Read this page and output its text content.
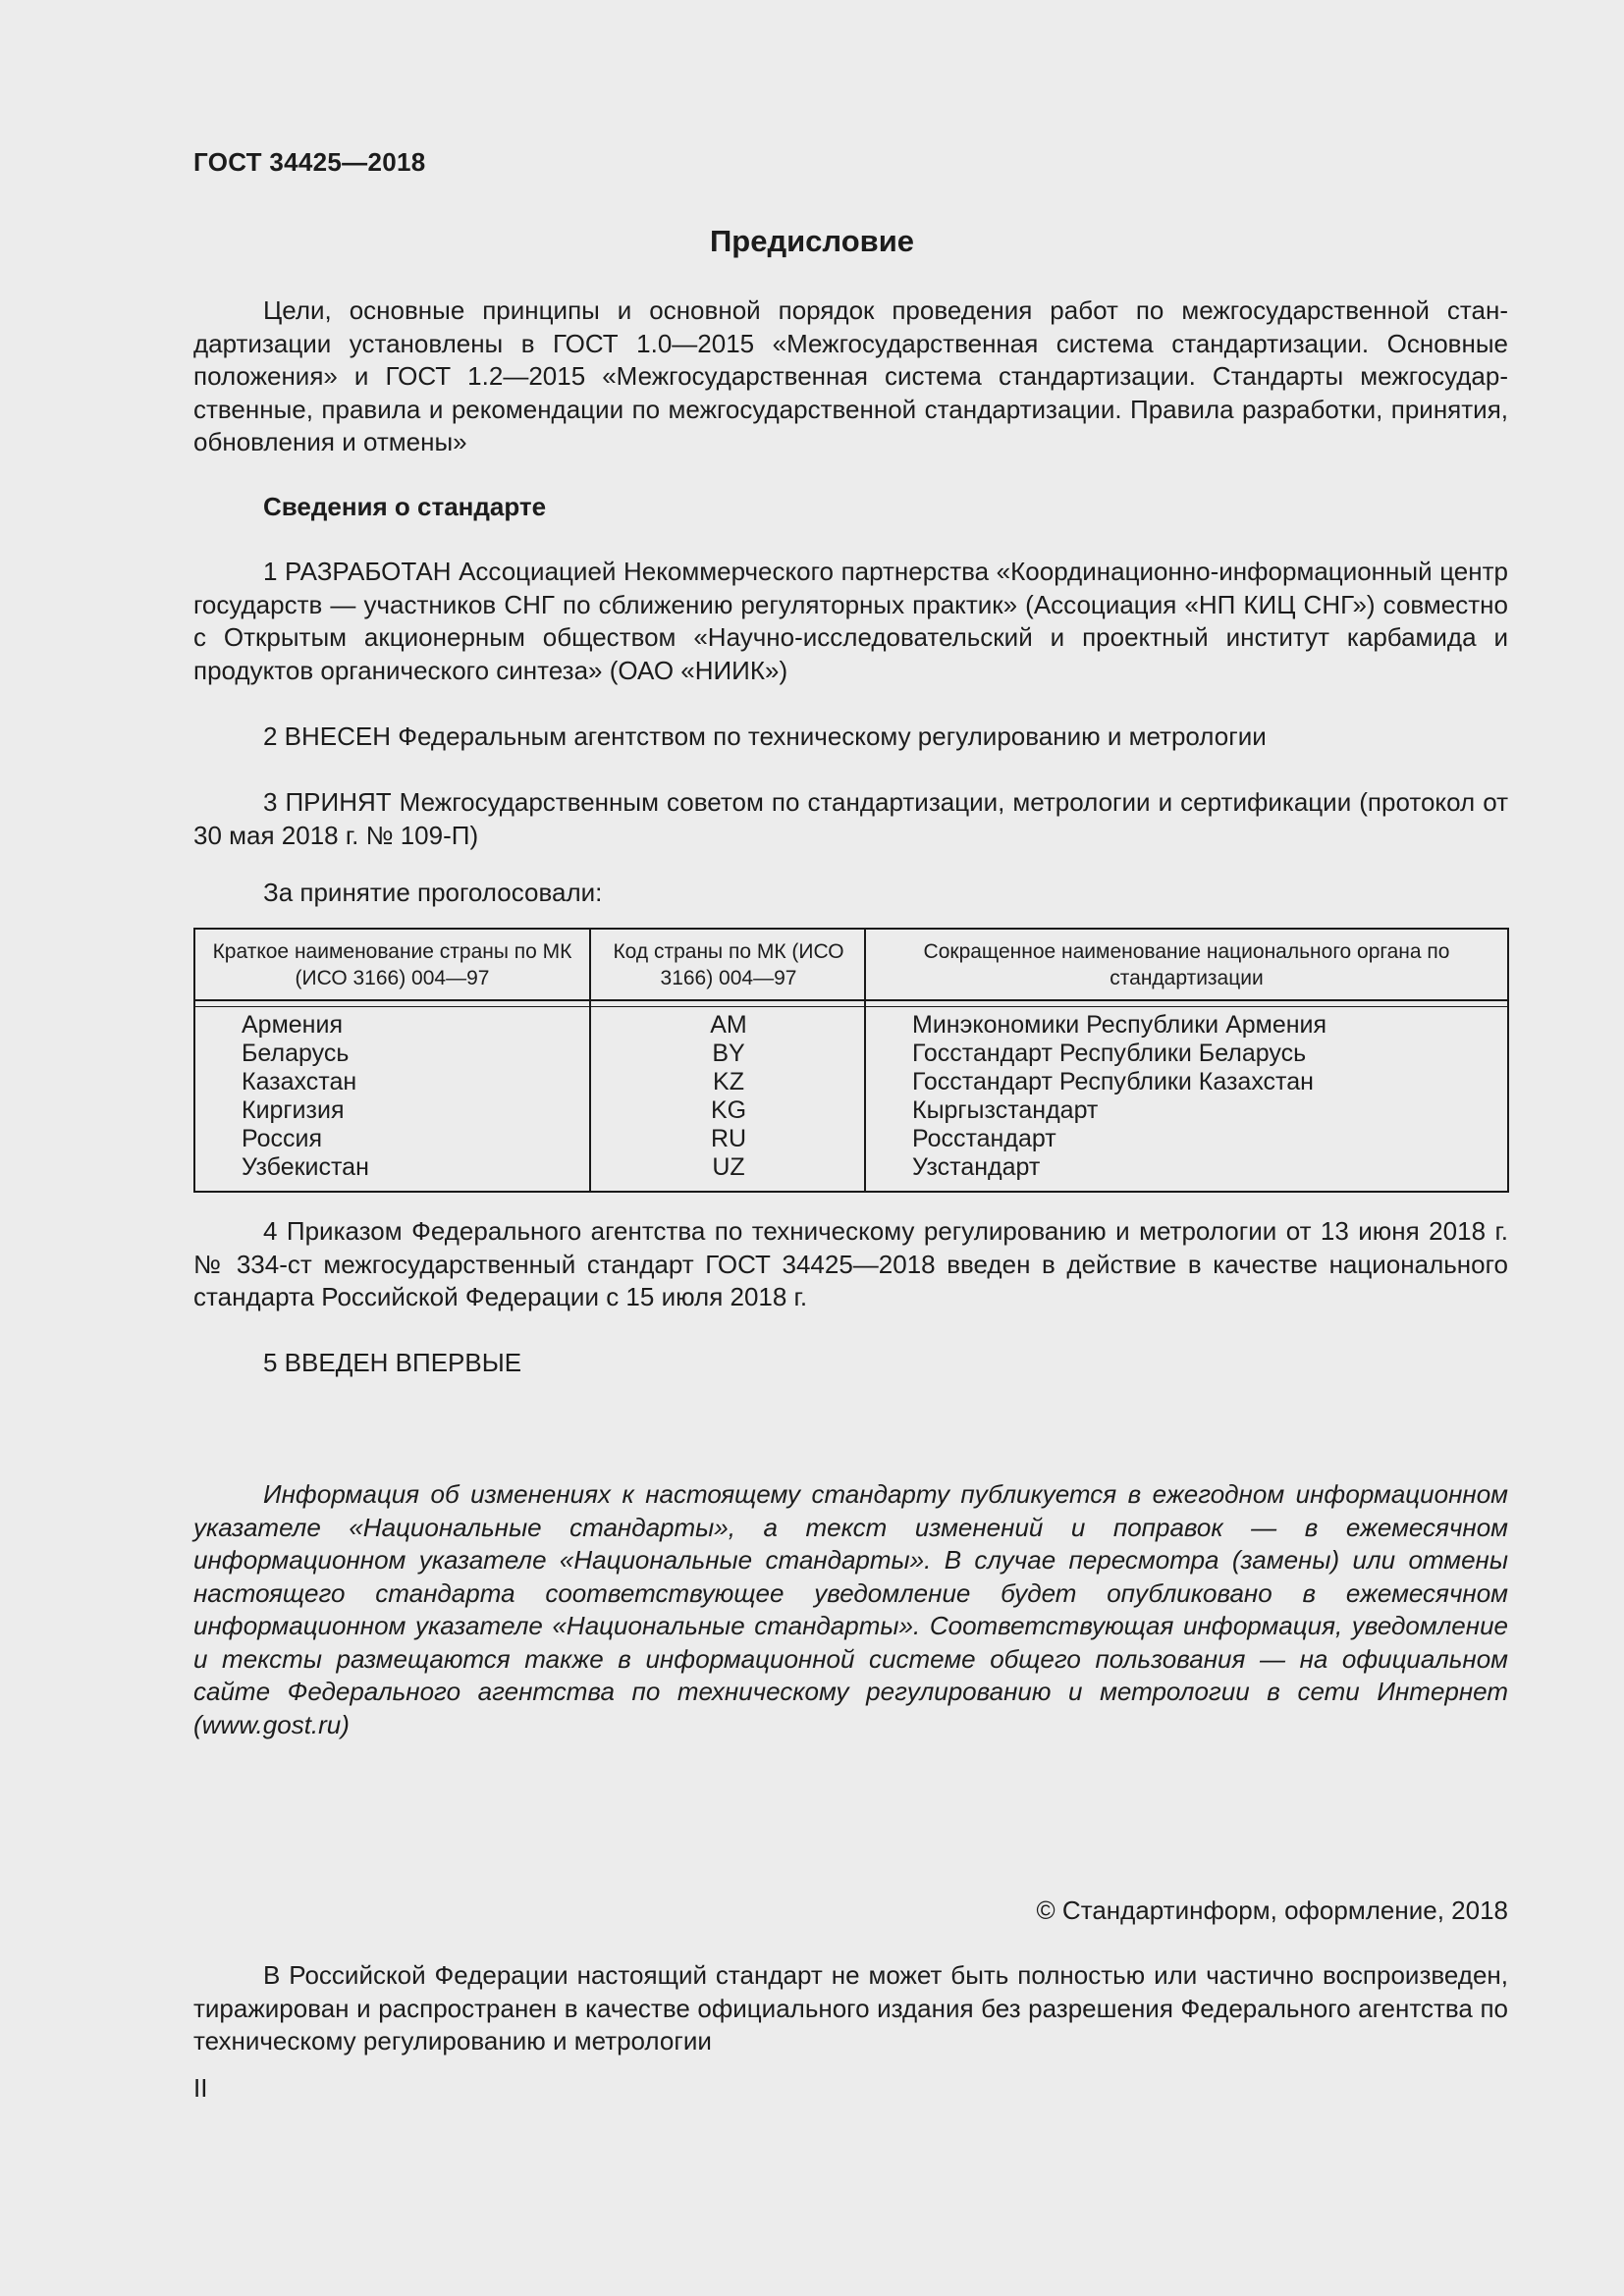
ГОСТ 34425—2018
Предисловие

Цели, основные принципы и основной порядок проведения работ по межгосударственной стандартизации установлены в ГОСТ 1.0—2015 «Межгосударственная система стандартизации. Основные положения» и ГОСТ 1.2—2015 «Межгосударственная система стандартизации. Стандарты межгосударственные, правила и рекомендации по межгосударственной стандартизации. Правила разработки, принятия, обновления и отмены»

Сведения о стандарте

1 РАЗРАБОТАН Ассоциацией Некоммерческого партнерства «Координационно-информационный центр государств — участников СНГ по сближению регуляторных практик» (Ассоциация «НП КИЦ СНГ») совместно с Открытым акционерным обществом «Научно-исследовательский и проектный институт карбамида и продуктов органического синтеза» (ОАО «НИИК»)

2 ВНЕСЕН Федеральным агентством по техническому регулированию и метрологии

3 ПРИНЯТ Межгосударственным советом по стандартизации, метрологии и сертификации (протокол от 30 мая 2018 г. № 109-П)

За принятие проголосовали:

Краткое наименование страны по МК (ИСО 3166) 004—97
Армения
Беларусь
Казахстан
Киргизия
Россия
Узбекистан
Код страны по МК (ИСО 3166) 004—97
AM
BY
KZ
KG
RU
UZ
Сокращенное наименование национального органа по стандартизации
Минэкономики Республики Армения
Госстандарт Республики Беларусь
Госстандарт Республики Казахстан
Кыргызстандарт
Росстандарт
Узстандарт

4 Приказом Федерального агентства по техническому регулированию и метрологии от 13 июня 2018 г. № 334-ст межгосударственный стандарт ГОСТ 34425—2018 введен в действие в качестве национального стандарта Российской Федерации с 15 июля 2018 г.

5 ВВЕДЕН ВПЕРВЫЕ

Информация об изменениях к настоящему стандарту публикуется в ежегодном информационном указателе «Национальные стандарты», а текст изменений и поправок — в ежемесячном информационном указателе «Национальные стандарты». В случае пересмотра (замены) или отмены настоящего стандарта соответствующее уведомление будет опубликовано в ежемесячном информационном указателе «Национальные стандарты». Соответствующая информация, уведомление и тексты размещаются также в информационной системе общего пользования — на официальном сайте Федерального агентства по техническому регулированию и метрологии в сети Интернет (www.gost.ru)

© Стандартинформ, оформление, 2018

В Российской Федерации настоящий стандарт не может быть полностью или частично воспроизведен, тиражирован и распространен в качестве официального издания без разрешения Федерального агентства по техническому регулированию и метрологии

II
